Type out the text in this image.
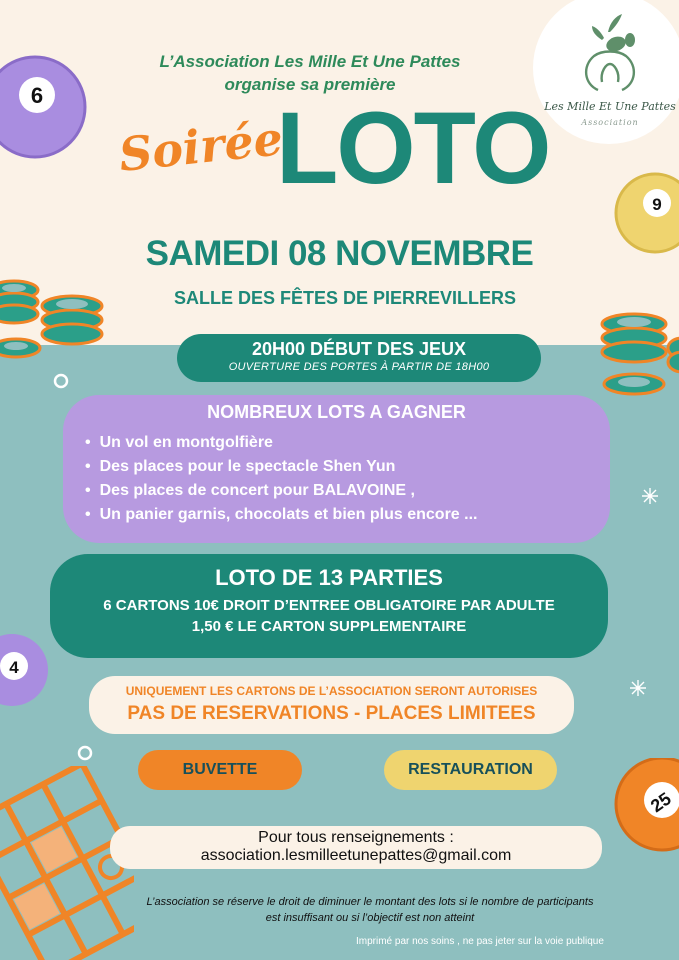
6
9
4
25
Les Mille Et Une Pattes
Association
L’Association Les Mille Et Une Pattes
organise sa première
LOTO
Soirée
SAMEDI 08 NOVEMBRE
SALLE DES FÊTES DE PIERREVILLERS
20H00 DÉBUT DES JEUX
OUVERTURE DES PORTES À PARTIR DE 18H00
NOMBREUX LOTS A GAGNER
• Un vol en montgolfière
• Des places pour le spectacle Shen Yun
• Des places de concert pour BALAVOINE ,
• Un panier garnis, chocolats et bien plus encore ...
LOTO DE 13 PARTIES
6 CARTONS 10€ DROIT D’ENTREE OBLIGATOIRE PAR ADULTE
1,50 € LE CARTON SUPPLEMENTAIRE
UNIQUEMENT LES CARTONS DE L’ASSOCIATION SERONT AUTORISES
PAS DE RESERVATIONS - PLACES LIMITEES
BUVETTE	RESTAURATION
Pour tous renseignements :
association.lesmilleetunepattes@gmail.com
L’association se réserve le droit de diminuer le montant des lots si le nombre de participants est insuffisant ou si l’objectif est non atteint
Imprimé par nos soins , ne pas jeter sur la voie publique
